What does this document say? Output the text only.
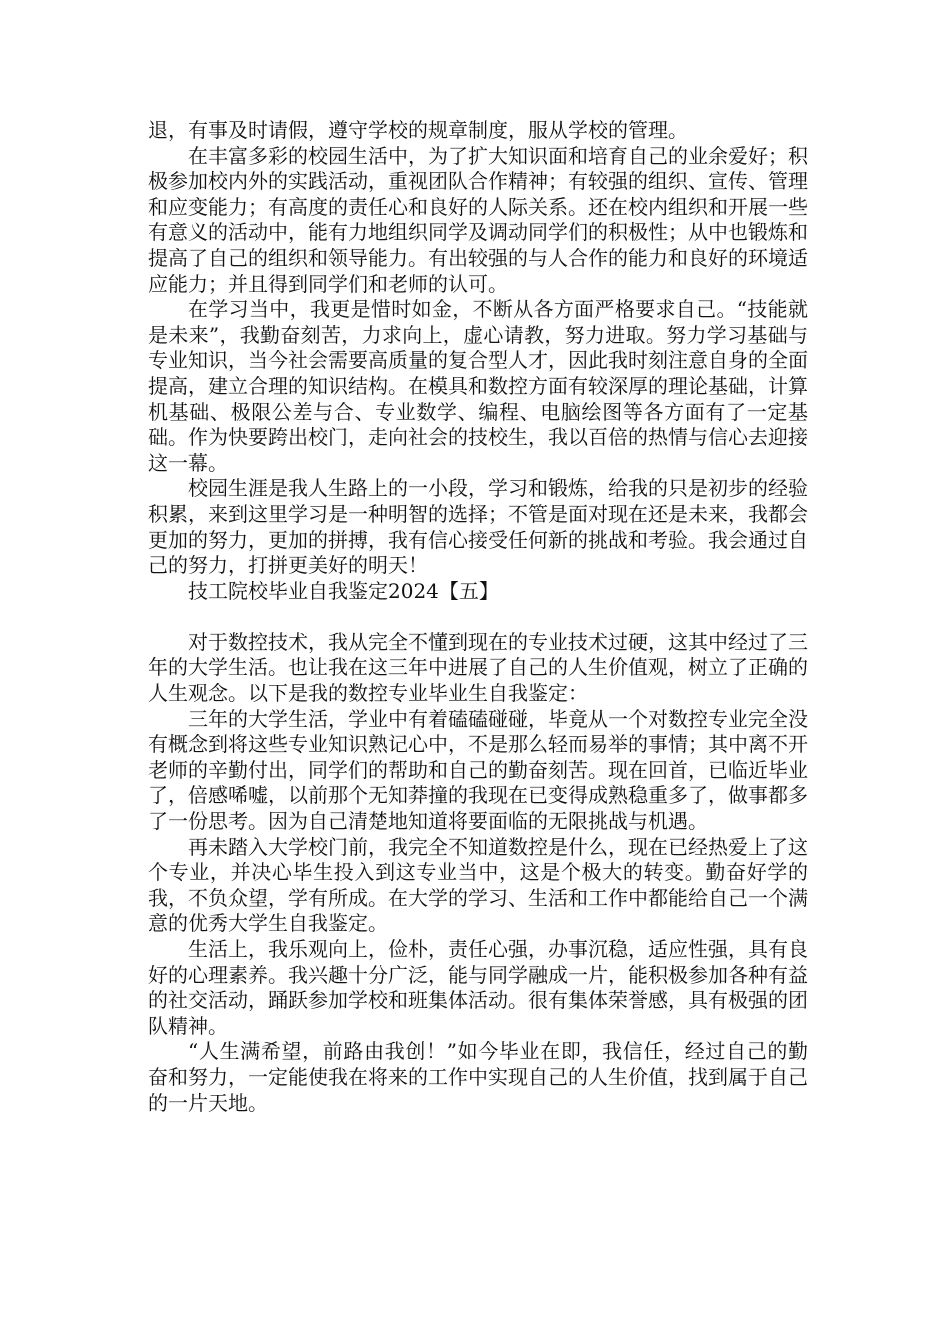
退，有事及时请假，遵守学校的规章制度，服从学校的管理。

在丰富多彩的校园生活中，为了扩大知识面和培育自己的业余爱好；积极参加校内外的实践活动，重视团队合作精神；有较强的组织、宣传、管理和应变能力；有高度的责任心和良好的人际关系。还在校内组织和开展一些有意义的活动中，能有力地组织同学及调动同学们的积极性；从中也锻炼和提高了自己的组织和领导能力。有出较强的与人合作的能力和良好的环境适应能力；并且得到同学们和老师的认可。

在学习当中，我更是惜时如金，不断从各方面严格要求自己。“技能就是未来”，我勤奋刻苦，力求向上，虚心请教，努力进取。努力学习基础与专业知识，当今社会需要高质量的复合型人才，因此我时刻注意自身的全面提高，建立合理的知识结构。在模具和数控方面有较深厚的理论基础，计算机基础、极限公差与合、专业数学、编程、电脑绘图等各方面有了一定基础。作为快要跨出校门，走向社会的技校生，我以百倍的热情与信心去迎接这一幕。

校园生涯是我人生路上的一小段，学习和锻炼，给我的只是初步的经验积累，来到这里学习是一种明智的选择；不管是面对现在还是未来，我都会更加的努力，更加的拼搏，我有信心接受任何新的挑战和考验。我会通过自己的努力，打拼更美好的明天！

技工院校毕业自我鉴定2024【五】

对于数控技术，我从完全不懂到现在的专业技术过硬，这其中经过了三年的大学生活。也让我在这三年中进展了自己的人生价值观，树立了正确的人生观念。以下是我的数控专业毕业生自我鉴定：

三年的大学生活，学业中有着磕磕碰碰，毕竟从一个对数控专业完全没有概念到将这些专业知识熟记心中，不是那么轻而易举的事情；其中离不开老师的辛勤付出，同学们的帮助和自己的勤奋刻苦。现在回首，已临近毕业了，倍感唏嘘，以前那个无知莽撞的我现在已变得成熟稳重多了，做事都多了一份思考。因为自己清楚地知道将要面临的无限挑战与机遇。

再未踏入大学校门前，我完全不知道数控是什么，现在已经热爱上了这个专业，并决心毕生投入到这专业当中，这是个极大的转变。勤奋好学的我，不负众望，学有所成。在大学的学习、生活和工作中都能给自己一个满意的优秀大学生自我鉴定。

生活上，我乐观向上，俭朴，责任心强，办事沉稳，适应性强，具有良好的心理素养。我兴趣十分广泛，能与同学融成一片，能积极参加各种有益的社交活动，踊跃参加学校和班集体活动。很有集体荣誉感，具有极强的团队精神。

“人生满希望，前路由我创！”如今毕业在即，我信任，经过自己的勤奋和努力，一定能使我在将来的工作中实现自己的人生价值，找到属于自己的一片天地。
